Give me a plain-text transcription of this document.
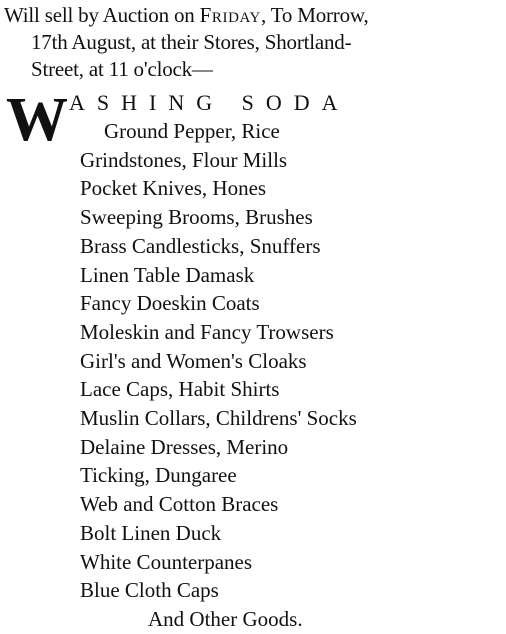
Will sell by Auction on Friday, To Morrow,
17th August, at their Stores, Shortland-
Street, at 11 o'clock—
W ASHING SODA
Ground Pepper, Rice
Grindstones, Flour Mills
Pocket Knives, Hones
Sweeping Brooms, Brushes
Brass Candlesticks, Snuffers
Linen Table Damask
Fancy Doeskin Coats
Moleskin and Fancy Trowsers
Girl's and Women's Cloaks
Lace Caps, Habit Shirts
Muslin Collars, Childrens' Socks
Delaine Dresses, Merino
Ticking, Dungaree
Web and Cotton Braces
Bolt Linen Duck
White Counterpanes
Blue Cloth Caps
And Other Goods.
